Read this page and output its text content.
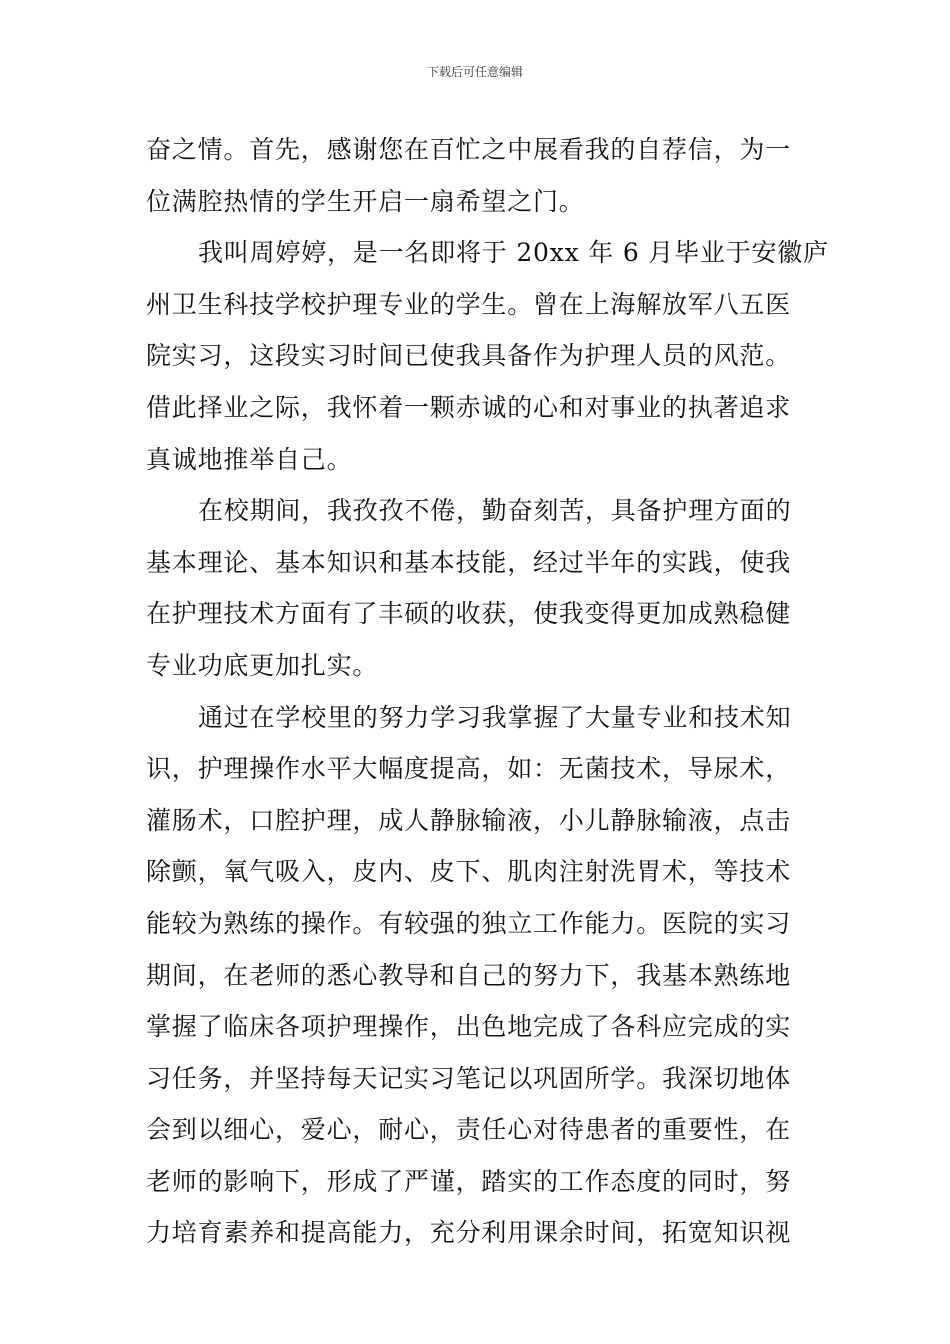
下载后可任意编辑
奋之情。首先，感谢您在百忙之中展看我的自荐信，为一
位满腔热情的学生开启一扇希望之门。
我叫周婷婷，是一名即将于 20xx 年 6 月毕业于安徽庐
州卫生科技学校护理专业的学生。曾在上海解放军八五医
院实习，这段实习时间已使我具备作为护理人员的风范。
借此择业之际，我怀着一颗赤诚的心和对事业的执著追求
真诚地推举自己。
在校期间，我孜孜不倦，勤奋刻苦，具备护理方面的
基本理论、基本知识和基本技能，经过半年的实践，使我
在护理技术方面有了丰硕的收获，使我变得更加成熟稳健
专业功底更加扎实。
通过在学校里的努力学习我掌握了大量专业和技术知
识，护理操作水平大幅度提高，如：无菌技术，导尿术，
灌肠术，口腔护理，成人静脉输液，小儿静脉输液，点击
除颤，氧气吸入，皮内、皮下、肌肉注射洗胃术，等技术
能较为熟练的操作。有较强的独立工作能力。医院的实习
期间，在老师的悉心教导和自己的努力下，我基本熟练地
掌握了临床各项护理操作，出色地完成了各科应完成的实
习任务，并坚持每天记实习笔记以巩固所学。我深切地体
会到以细心，爱心，耐心，责任心对待患者的重要性，在
老师的影响下，形成了严谨，踏实的工作态度的同时，努
力培育素养和提高能力，充分利用课余时间，拓宽知识视
